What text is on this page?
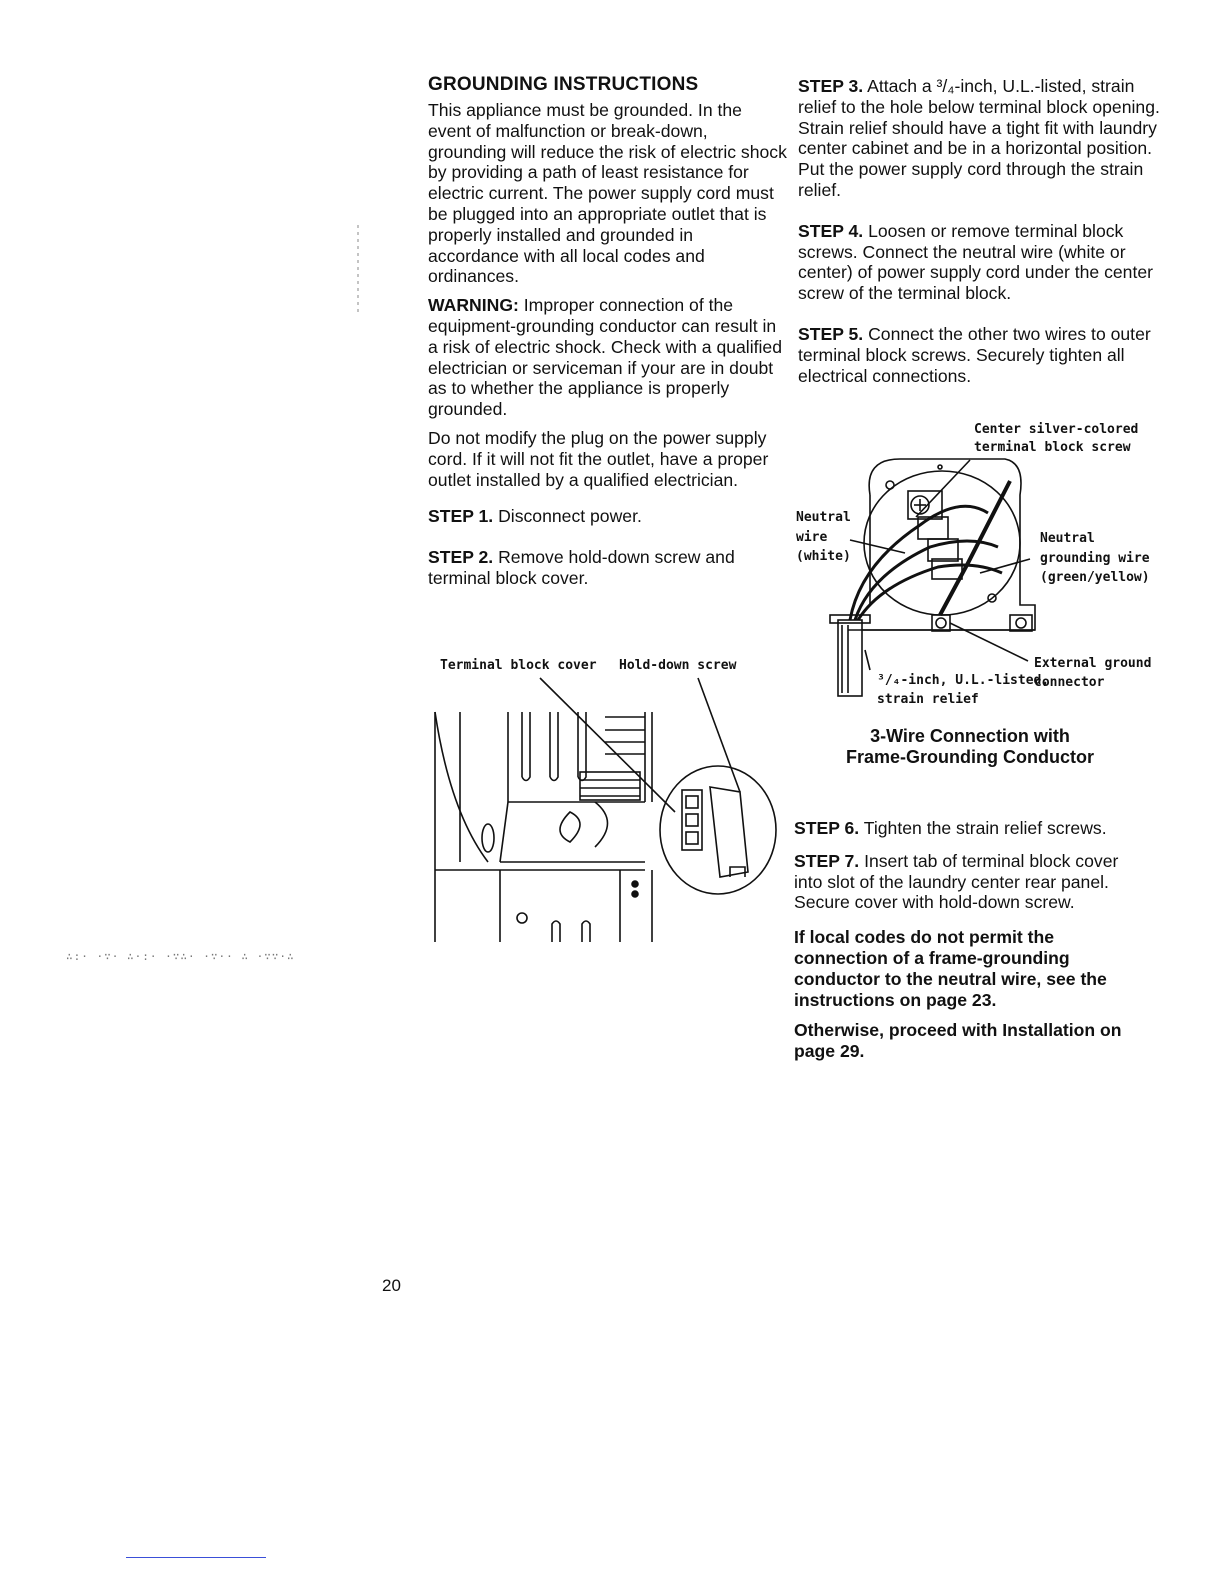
GROUNDING INSTRUCTIONS

This appliance must be grounded. In the event of malfunction or break-down, grounding will reduce the risk of electric shock by providing a path of least resistance for electric current. The power supply cord must be plugged into an appropriate outlet that is properly installed and grounded in accordance with all local codes and ordinances.

WARNING: Improper connection of the equipment-grounding conductor can result in a risk of electric shock. Check with a qualified electrician or serviceman if your are in doubt as to whether the appliance is properly grounded.

Do not modify the plug on the power supply cord. If it will not fit the outlet, have a proper outlet installed by a qualified electrician.

STEP 1. Disconnect power.

STEP 2. Remove hold-down screw and terminal block cover.

Terminal block cover Hold-down screw

STEP 3. Attach a ³/₄-inch, U.L.-listed, strain relief to the hole below terminal block opening. Strain relief should have a tight fit with laundry center cabinet and be in a horizontal position. Put the power supply cord through the strain relief.

STEP 4. Loosen or remove terminal block screws. Connect the neutral wire (white or center) of power supply cord under the center screw of the terminal block.

STEP 5. Connect the other two wires to outer terminal block screws. Securely tighten all electrical connections.

Center silver-colored
terminal block screw
Neutral
wire
(white)
Neutral
grounding wire
(green/yellow)
External ground
connector
³/₄-inch, U.L.-listed,
strain relief
3-Wire Connection with
Frame-Grounding Conductor

STEP 6. Tighten the strain relief screws.

STEP 7. Insert tab of terminal block cover into slot of the laundry center rear panel. Secure cover with hold-down screw.

If local codes do not permit the connection of a frame-grounding conductor to the neutral wire, see the instructions on page 23.

Otherwise, proceed with Installation on page 29.

∴:· ·∵· ∴·:· ·∵∴· ·∵·· ∴ ·∵∵·∴
20
